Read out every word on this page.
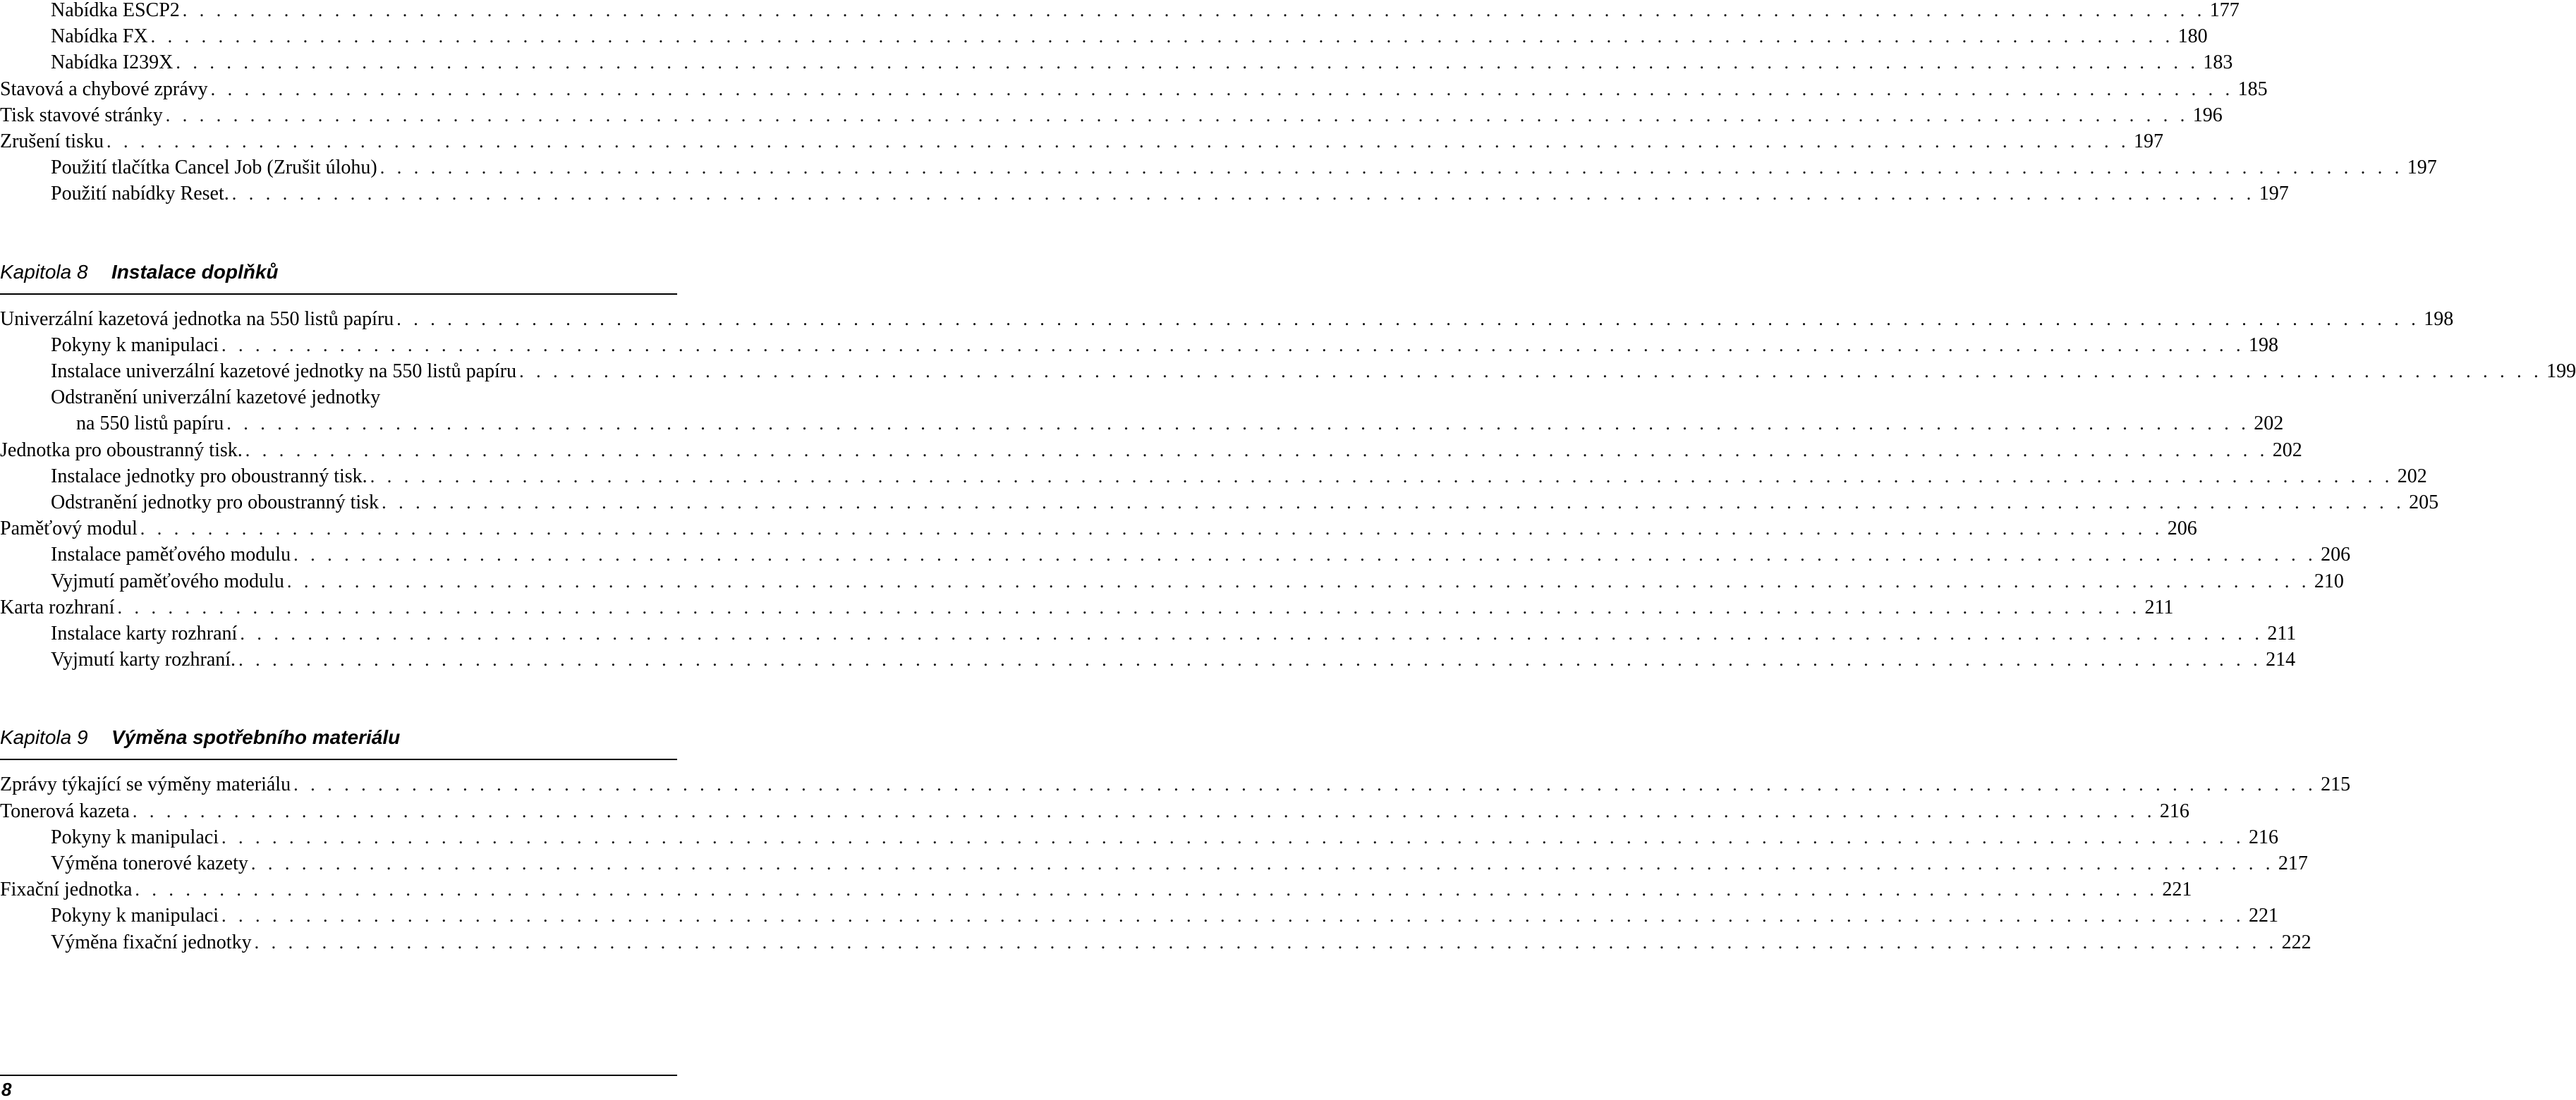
Nabídka ESCP2 . . . . . . . . . . . . . . . . . . . . . . . . . . . . . . . . . . . . . . . . . . . . . . . . . . . . . . . . . . . . . . . . . . . . . . . . . . . . . . . . . . . . . . . . . . . . . . . . . . . . . . . . . . . . . . . . . . . . . . . . 177
Nabídka FX . . . . . . . . . . . . . . . . . . . . . . . . . . . . . . . . . . . . . . . . . . . . . . . . . . . . . . . . . . . . . . . . . . . . . . . . . . . . . . . . . . . . . . . . . . . . . . . . . . . . . . . . . . . . . . . . . . . . . . . . 180
Nabídka I239X . . . . . . . . . . . . . . . . . . . . . . . . . . . . . . . . . . . . . . . . . . . . . . . . . . . . . . . . . . . . . . . . . . . . . . . . . . . . . . . . . . . . . . . . . . . . . . . . . . . . . . . . . . . . . . . . . . . . . . . . 183
Stavová a chybové zprávy . . . . . . . . . . . . . . . . . . . . . . . . . . . . . . . . . . . . . . . . . . . . . . . . . . . . . . . . . . . . . . . . . . . . . . . . . . . . . . . . . . . . . . . . . . . . . . . . . . . . . . . . . . . . . . . . . . . . . . . . 185
Tisk stavové stránky . . . . . . . . . . . . . . . . . . . . . . . . . . . . . . . . . . . . . . . . . . . . . . . . . . . . . . . . . . . . . . . . . . . . . . . . . . . . . . . . . . . . . . . . . . . . . . . . . . . . . . . . . . . . . . . . . . . . . . . . 196
Zrušení tisku . . . . . . . . . . . . . . . . . . . . . . . . . . . . . . . . . . . . . . . . . . . . . . . . . . . . . . . . . . . . . . . . . . . . . . . . . . . . . . . . . . . . . . . . . . . . . . . . . . . . . . . . . . . . . . . . . . . . . . . . 197
Použití tlačítka Cancel Job (Zrušit úlohu) . . . . . . . . . . . . . . . . . . . . . . . . . . . . . . . . . . . . . . . . . . . . . . . . . . . . . . . . . . . . . . . . . . . . . . . . . . . . . . . . . . . . . . . . . . . . . . . . . . . . . . . . . . . . . . . . . . . . . . . . 197
Použití nabídky Reset. . . . . . . . . . . . . . . . . . . . . . . . . . . . . . . . . . . . . . . . . . . . . . . . . . . . . . . . . . . . . . . . . . . . . . . . . . . . . . . . . . . . . . . . . . . . . . . . . . . . . . . . . . . . . . . . . . . . . . . . . 197
Kapitola 8 Instalace doplňků
Univerzální kazetová jednotka na 550 listů papíru . . . . . . . . . . . . . . . . . . . . . . . . . . . . . . . . . . . . . . . . . . . . . . . . . . . . . . . . . . . . . . . . . . . . . . . . . . . . . . . . . . . . . . . . . . . . . . . . . . . . . . . . . . . . . . . . . . . . . . . . 198
Pokyny k manipulaci . . . . . . . . . . . . . . . . . . . . . . . . . . . . . . . . . . . . . . . . . . . . . . . . . . . . . . . . . . . . . . . . . . . . . . . . . . . . . . . . . . . . . . . . . . . . . . . . . . . . . . . . . . . . . . . . . . . . . . . . 198
Instalace univerzální kazetové jednotky na 550 listů papíru . . . . . . . . . . . . . . . . . . . . . . . . . . . . . . . . . . . . . . . . . . . . . . . . . . . . . . . . . . . . . . . . . . . . . . . . . . . . . . . . . . . . . . . . . . . . . . . . . . . . . . . . . . . . . . . . . . . . . . . . 199
Odstranění univerzální kazetové jednotky
na 550 listů papíru . . . . . . . . . . . . . . . . . . . . . . . . . . . . . . . . . . . . . . . . . . . . . . . . . . . . . . . . . . . . . . . . . . . . . . . . . . . . . . . . . . . . . . . . . . . . . . . . . . . . . . . . . . . . . . . . . . . . . . . . 202
Jednotka pro oboustranný tisk. . . . . . . . . . . . . . . . . . . . . . . . . . . . . . . . . . . . . . . . . . . . . . . . . . . . . . . . . . . . . . . . . . . . . . . . . . . . . . . . . . . . . . . . . . . . . . . . . . . . . . . . . . . . . . . . . . . . . . . . . 202
Instalace jednotky pro oboustranný tisk. . . . . . . . . . . . . . . . . . . . . . . . . . . . . . . . . . . . . . . . . . . . . . . . . . . . . . . . . . . . . . . . . . . . . . . . . . . . . . . . . . . . . . . . . . . . . . . . . . . . . . . . . . . . . . . . . . . . . . . . . 202
Odstranění jednotky pro oboustranný tisk . . . . . . . . . . . . . . . . . . . . . . . . . . . . . . . . . . . . . . . . . . . . . . . . . . . . . . . . . . . . . . . . . . . . . . . . . . . . . . . . . . . . . . . . . . . . . . . . . . . . . . . . . . . . . . . . . . . . . . . . 205
Paměťový modul . . . . . . . . . . . . . . . . . . . . . . . . . . . . . . . . . . . . . . . . . . . . . . . . . . . . . . . . . . . . . . . . . . . . . . . . . . . . . . . . . . . . . . . . . . . . . . . . . . . . . . . . . . . . . . . . . . . . . . . . 206
Instalace paměťového modulu . . . . . . . . . . . . . . . . . . . . . . . . . . . . . . . . . . . . . . . . . . . . . . . . . . . . . . . . . . . . . . . . . . . . . . . . . . . . . . . . . . . . . . . . . . . . . . . . . . . . . . . . . . . . . . . . . . . . . . . . 206
Vyjmutí paměťového modulu . . . . . . . . . . . . . . . . . . . . . . . . . . . . . . . . . . . . . . . . . . . . . . . . . . . . . . . . . . . . . . . . . . . . . . . . . . . . . . . . . . . . . . . . . . . . . . . . . . . . . . . . . . . . . . . . . . . . . . . . 210
Karta rozhraní . . . . . . . . . . . . . . . . . . . . . . . . . . . . . . . . . . . . . . . . . . . . . . . . . . . . . . . . . . . . . . . . . . . . . . . . . . . . . . . . . . . . . . . . . . . . . . . . . . . . . . . . . . . . . . . . . . . . . . . . 211
Instalace karty rozhraní . . . . . . . . . . . . . . . . . . . . . . . . . . . . . . . . . . . . . . . . . . . . . . . . . . . . . . . . . . . . . . . . . . . . . . . . . . . . . . . . . . . . . . . . . . . . . . . . . . . . . . . . . . . . . . . . . . . . . . . . 211
Vyjmutí karty rozhraní. . . . . . . . . . . . . . . . . . . . . . . . . . . . . . . . . . . . . . . . . . . . . . . . . . . . . . . . . . . . . . . . . . . . . . . . . . . . . . . . . . . . . . . . . . . . . . . . . . . . . . . . . . . . . . . . . . . . . . . . . 214
Kapitola 9 Výměna spotřebního materiálu
Zprávy týkající se výměny materiálu . . . . . . . . . . . . . . . . . . . . . . . . . . . . . . . . . . . . . . . . . . . . . . . . . . . . . . . . . . . . . . . . . . . . . . . . . . . . . . . . . . . . . . . . . . . . . . . . . . . . . . . . . . . . . . . . . . . . . . . . 215
Tonerová kazeta . . . . . . . . . . . . . . . . . . . . . . . . . . . . . . . . . . . . . . . . . . . . . . . . . . . . . . . . . . . . . . . . . . . . . . . . . . . . . . . . . . . . . . . . . . . . . . . . . . . . . . . . . . . . . . . . . . . . . . . . 216
Pokyny k manipulaci . . . . . . . . . . . . . . . . . . . . . . . . . . . . . . . . . . . . . . . . . . . . . . . . . . . . . . . . . . . . . . . . . . . . . . . . . . . . . . . . . . . . . . . . . . . . . . . . . . . . . . . . . . . . . . . . . . . . . . . . 216
Výměna tonerové kazety . . . . . . . . . . . . . . . . . . . . . . . . . . . . . . . . . . . . . . . . . . . . . . . . . . . . . . . . . . . . . . . . . . . . . . . . . . . . . . . . . . . . . . . . . . . . . . . . . . . . . . . . . . . . . . . . . . . . . . . . 217
Fixační jednotka . . . . . . . . . . . . . . . . . . . . . . . . . . . . . . . . . . . . . . . . . . . . . . . . . . . . . . . . . . . . . . . . . . . . . . . . . . . . . . . . . . . . . . . . . . . . . . . . . . . . . . . . . . . . . . . . . . . . . . . . 221
Pokyny k manipulaci . . . . . . . . . . . . . . . . . . . . . . . . . . . . . . . . . . . . . . . . . . . . . . . . . . . . . . . . . . . . . . . . . . . . . . . . . . . . . . . . . . . . . . . . . . . . . . . . . . . . . . . . . . . . . . . . . . . . . . . . 221
Výměna fixační jednotky . . . . . . . . . . . . . . . . . . . . . . . . . . . . . . . . . . . . . . . . . . . . . . . . . . . . . . . . . . . . . . . . . . . . . . . . . . . . . . . . . . . . . . . . . . . . . . . . . . . . . . . . . . . . . . . . . . . . . . . . 222
8
